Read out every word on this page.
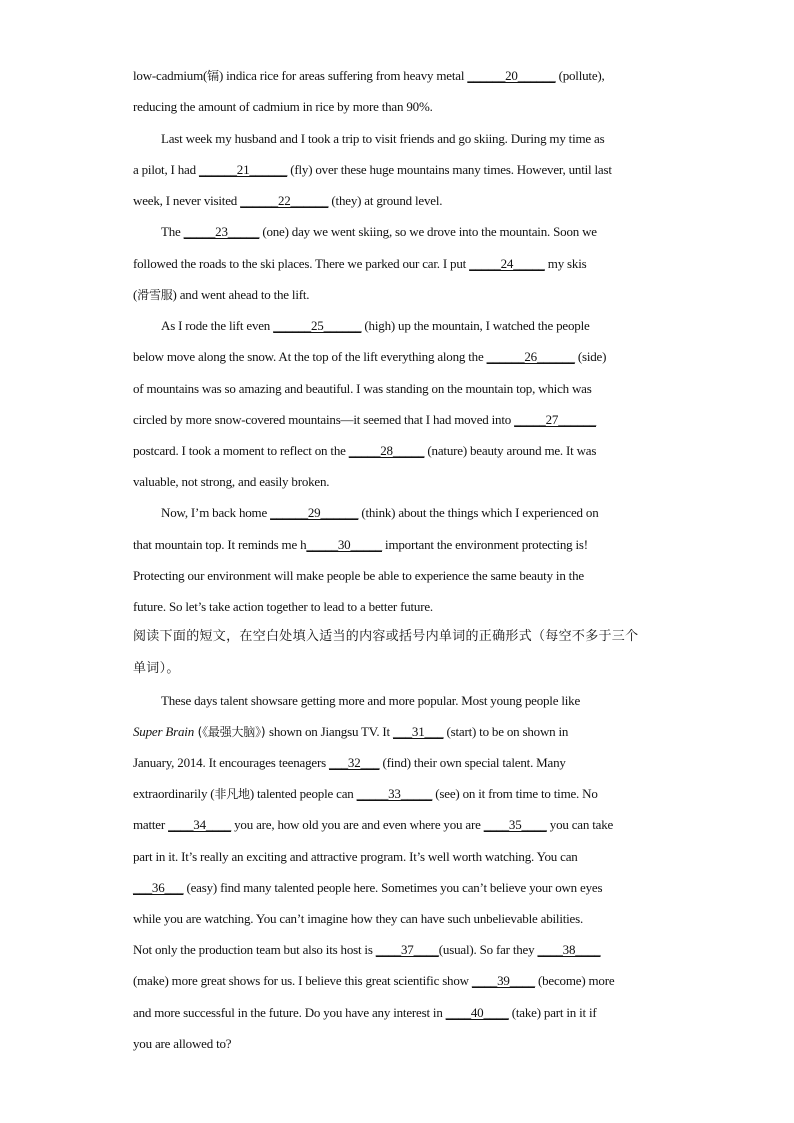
low-cadmium(镉) indica rice for areas suffering from heavy metal ______20______ (pollute),
reducing the amount of cadmium in rice by more than 90%.
Last week my husband and I took a trip to visit friends and go skiing. During my time as
a pilot, I had ______21______ (fly) over these huge mountains many times. However, until last
week, I never visited ______22______ (they) at ground level.
The _____23_____ (one) day we went skiing, so we drove into the mountain. Soon we
followed the roads to the ski places. There we parked our car. I put _____24_____ my skis
(滑雪服) and went ahead to the lift.
As I rode the lift even ______25______ (high) up the mountain, I watched the people
below move along the snow. At the top of the lift everything along the ______26______ (side)
of mountains was so amazing and beautiful. I was standing on the mountain top, which was
circled by more snow-covered mountains—it seemed that I had moved into _____27______
postcard. I took a moment to reflect on the _____28_____ (nature) beauty around me. It was
valuable, not strong, and easily broken.
Now, I’m back home ______29______ (think) about the things which I experienced on
that mountain top. It reminds me h_____30_____ important the environment protecting is!
Protecting our environment will make people be able to experience the same beauty in the
future. So let’s take action together to lead to a better future.
阅读下面的短文，在空白处填入适当的内容或括号内单词的正确形式（每空不多于三个
单词）。
These days talent showsare getting more and more popular. Most young people like
Super Brain (《最强大脑》) shown on Jiangsu TV. It ___31___ (start) to be on shown in
January, 2014. It encourages teenagers ___32___ (find) their own special talent. Many
extraordinarily (非凡地) talented people can _____33_____ (see) on it from time to time. No
matter ____34____ you are, how old you are and even where you are ____35____ you can take
part in it. It’s really an exciting and attractive program. It’s well worth watching. You can
___36___ (easy) find many talented people here. Sometimes you can’t believe your own eyes
while you are watching. You can’t imagine how they can have such unbelievable abilities.
Not only the production team but also its host is ____37____(usual). So far they ____38____
(make) more great shows for us. I believe this great scientific show ____39____ (become) more
and more successful in the future. Do you have any interest in ____40____ (take) part in it if
you are allowed to?
